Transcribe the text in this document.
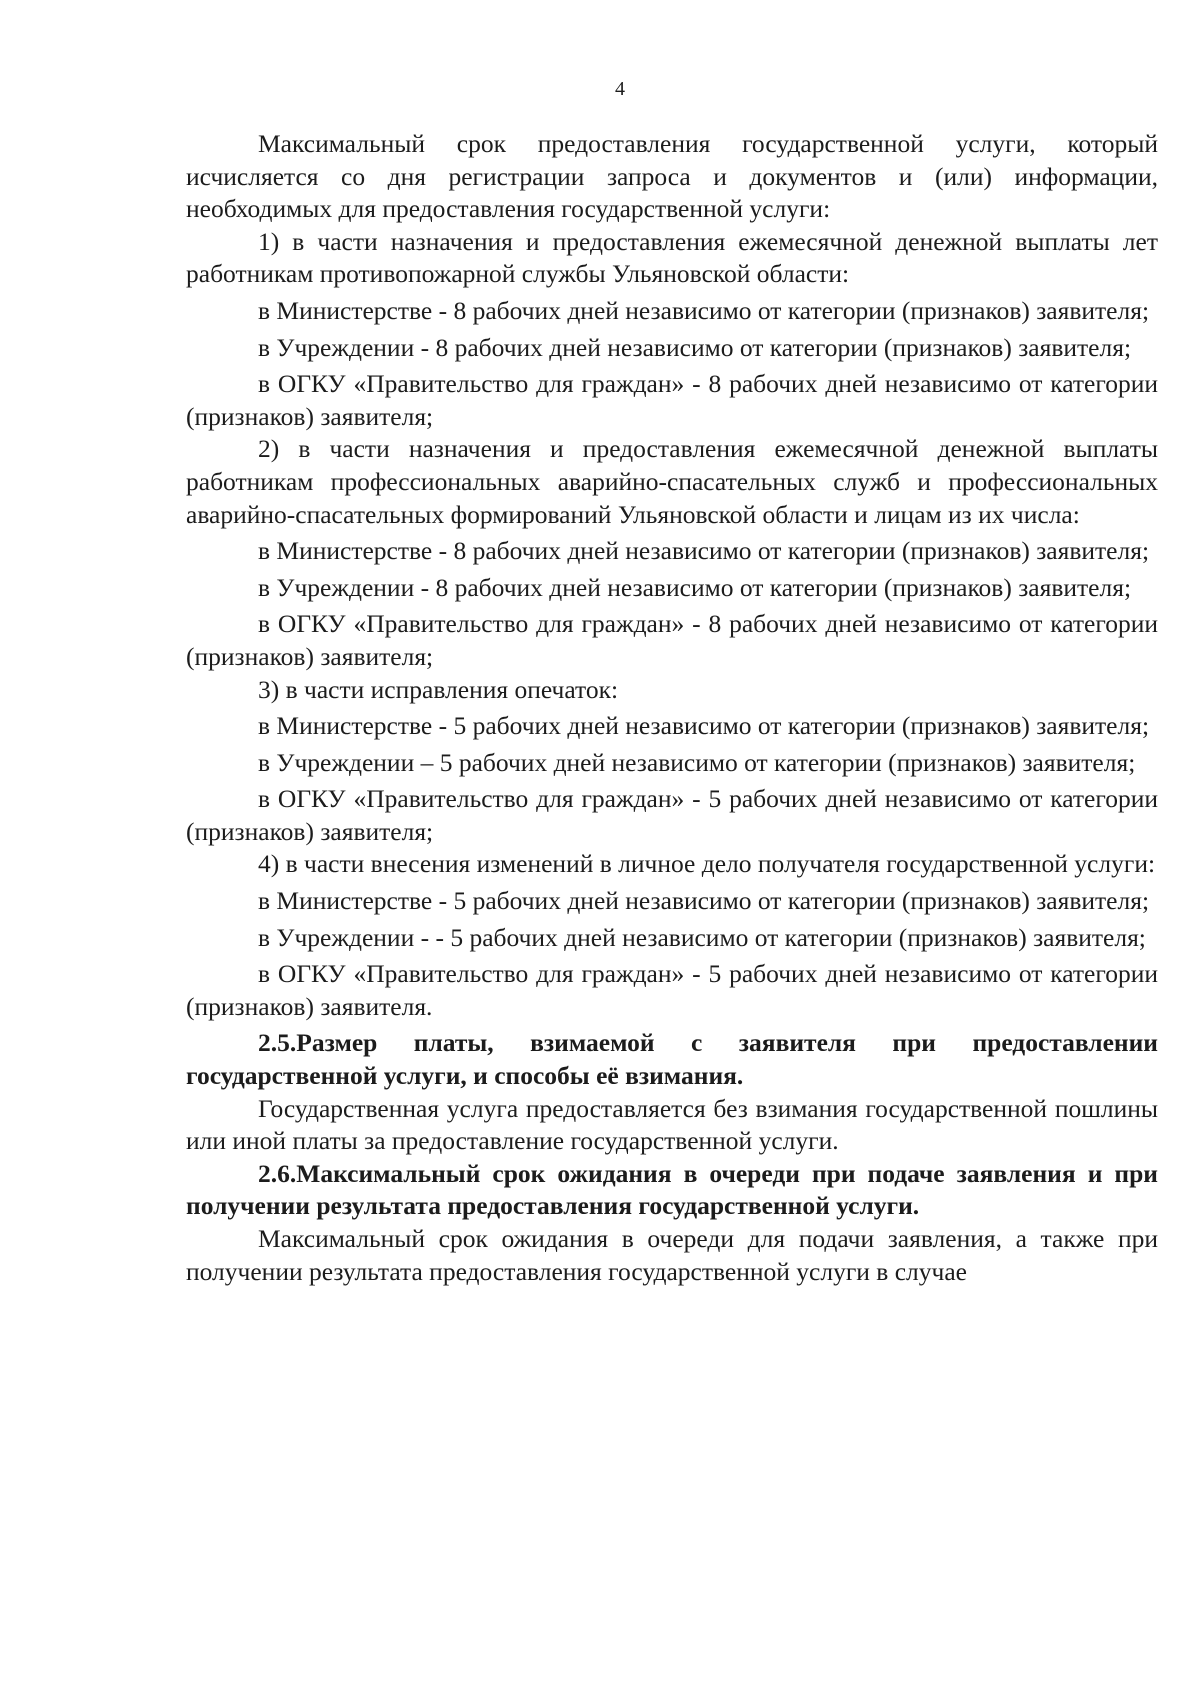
4

Максимальный срок предоставления государственной услуги, который исчисляется со дня регистрации запроса и документов и (или) информации, необходимых для предоставления государственной услуги:

1) в части назначения и предоставления ежемесячной денежной выплаты лет работникам противопожарной службы Ульяновской области:

в Министерстве - 8 рабочих дней независимо от категории (признаков) заявителя;

в Учреждении - 8 рабочих дней независимо от категории (признаков) заявителя;

в ОГКУ «Правительство для граждан» - 8 рабочих дней независимо от категории (признаков) заявителя;

2) в части назначения и предоставления ежемесячной денежной выплаты работникам профессиональных аварийно-спасательных служб и профессиональных аварийно-спасательных формирований Ульяновской области и лицам из их числа:

в Министерстве - 8 рабочих дней независимо от категории (признаков) заявителя;

в Учреждении - 8 рабочих дней независимо от категории (признаков) заявителя;

в ОГКУ «Правительство для граждан» - 8 рабочих дней независимо от категории (признаков) заявителя;

3) в части исправления опечаток:

в Министерстве - 5 рабочих дней независимо от категории (признаков) заявителя;

в Учреждении – 5 рабочих дней независимо от категории (признаков) заявителя;

в ОГКУ «Правительство для граждан» - 5 рабочих дней независимо от категории (признаков) заявителя;

4) в части внесения изменений в личное дело получателя государственной услуги:

в Министерстве - 5 рабочих дней независимо от категории (признаков) заявителя;

в Учреждении - - 5 рабочих дней независимо от категории (признаков) заявителя;

в ОГКУ «Правительство для граждан» - 5 рабочих дней независимо от категории (признаков) заявителя.

2.5.Размер платы, взимаемой с заявителя при предоставлении государственной услуги, и способы её взимания.

Государственная услуга предоставляется без взимания государственной пошлины или иной платы за предоставление государственной услуги.

2.6.Максимальный срок ожидания в очереди при подаче заявления и при получении результата предоставления государственной услуги.

Максимальный срок ожидания в очереди для подачи заявления, а также при получении результата предоставления государственной услуги в случае
